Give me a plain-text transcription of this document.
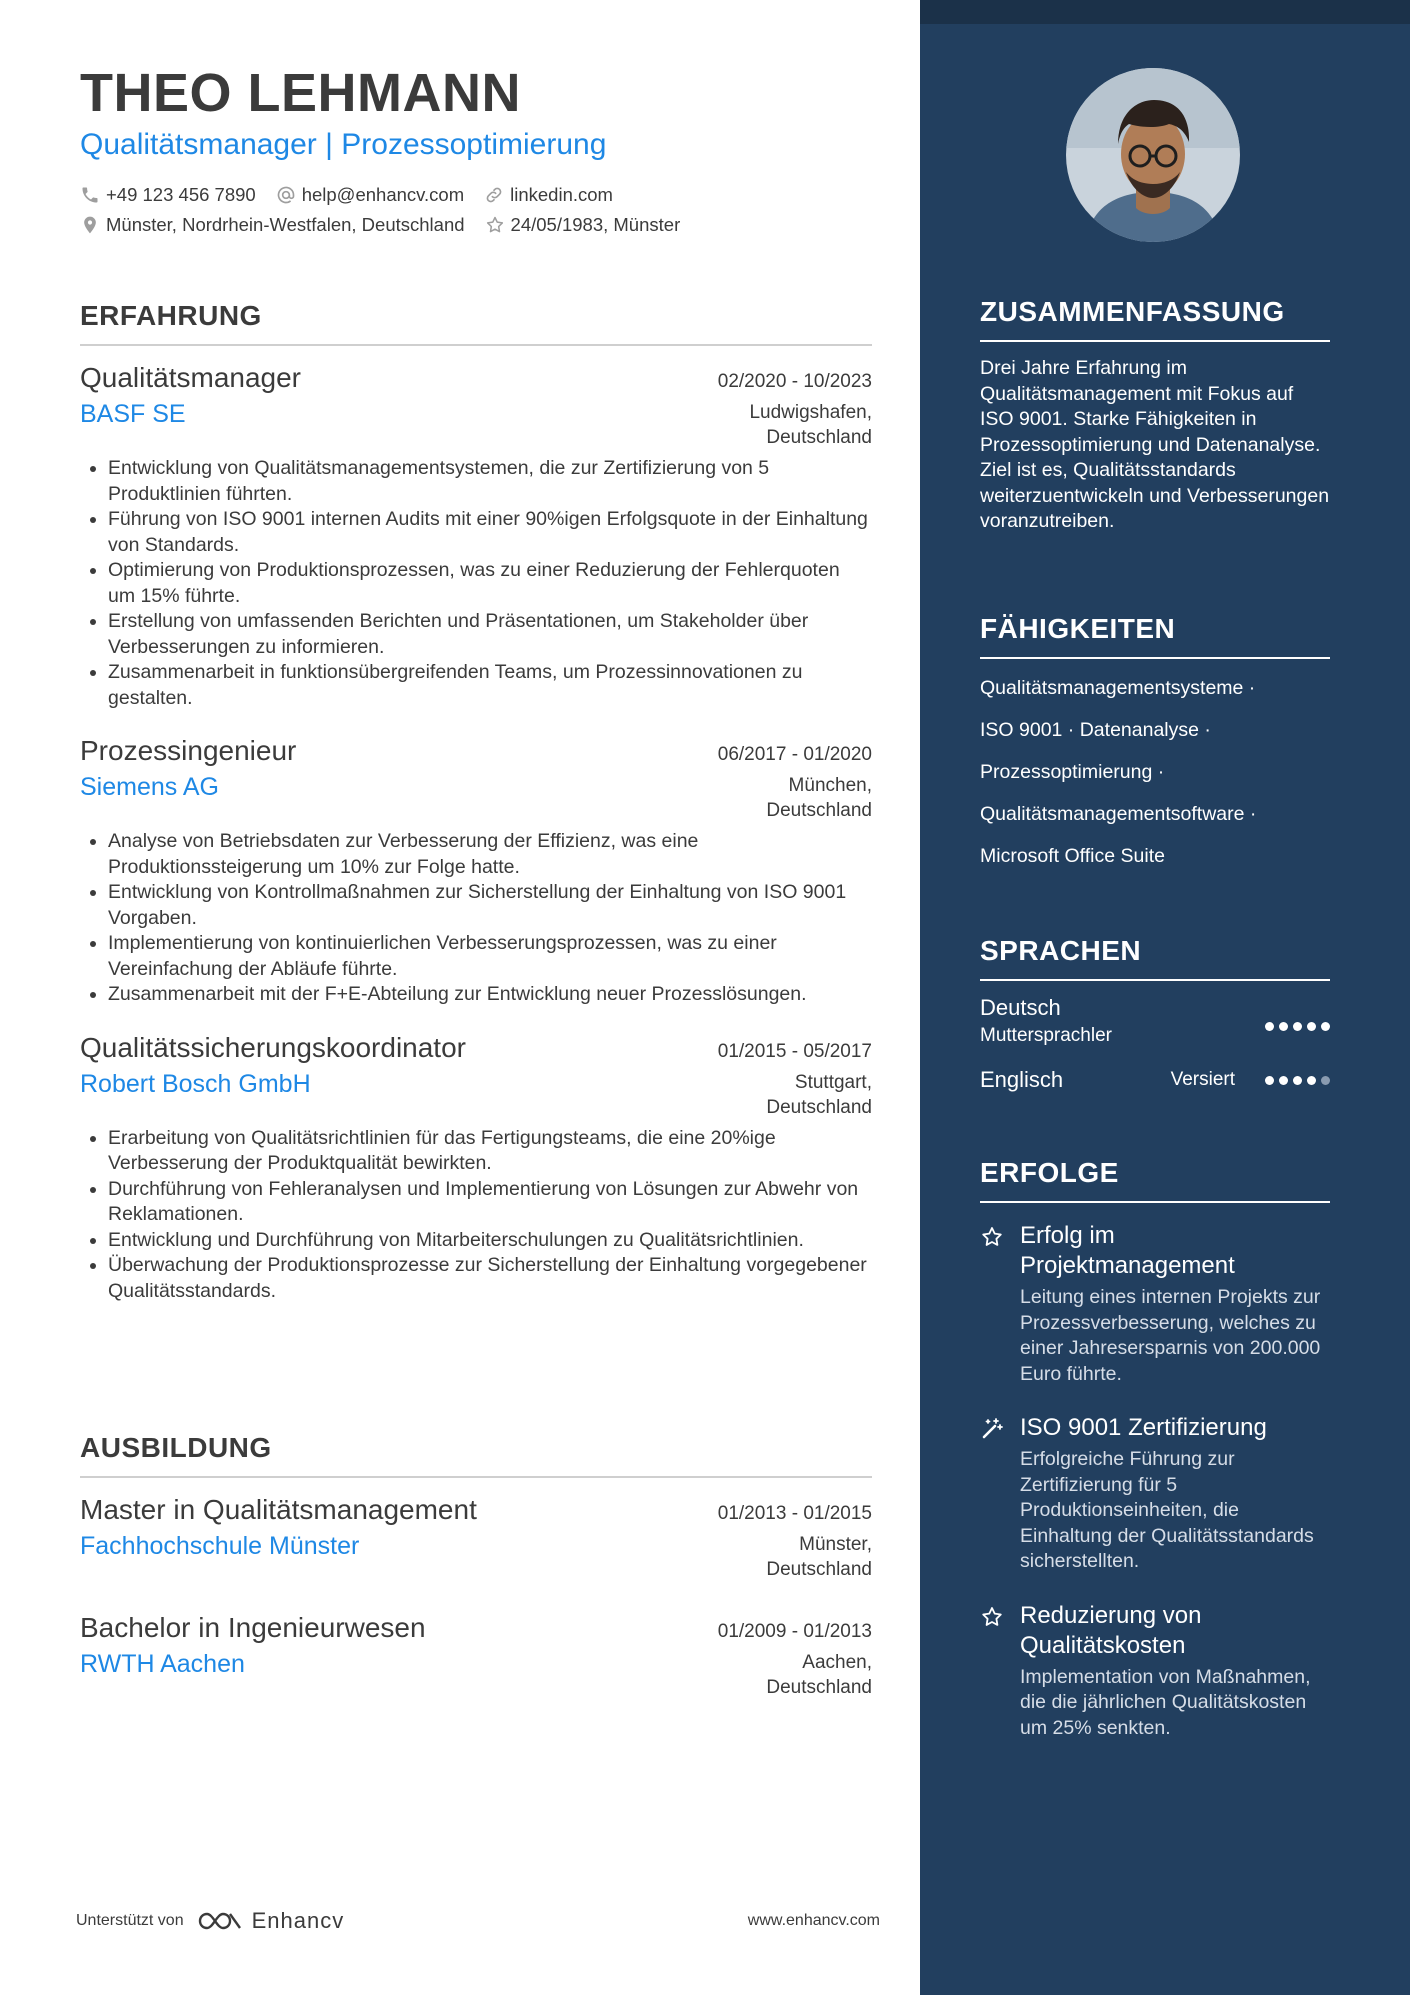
THEO LEHMANN
Qualitätsmanager | Prozessoptimierung
+49 123 456 7890 help@enhancv.com linkedin.com
Münster, Nordrhein-Westfalen, Deutschland 24/05/1983, Münster
ERFAHRUNG
Qualitätsmanager	02/2020 - 10/2023
BASF SE	Ludwigshafen, Deutschland
• Entwicklung von Qualitätsmanagementsystemen, die zur Zertifizierung von 5 Produktlinien führten.
• Führung von ISO 9001 internen Audits mit einer 90%igen Erfolgsquote in der Einhaltung von Standards.
• Optimierung von Produktionsprozessen, was zu einer Reduzierung der Fehlerquoten um 15% führte.
• Erstellung von umfassenden Berichten und Präsentationen, um Stakeholder über Verbesserungen zu informieren.
• Zusammenarbeit in funktionsübergreifenden Teams, um Prozessinnovationen zu gestalten.
Prozessingenieur	06/2017 - 01/2020
Siemens AG	München, Deutschland
• Analyse von Betriebsdaten zur Verbesserung der Effizienz, was eine Produktionssteigerung um 10% zur Folge hatte.
• Entwicklung von Kontrollmaßnahmen zur Sicherstellung der Einhaltung von ISO 9001 Vorgaben.
• Implementierung von kontinuierlichen Verbesserungsprozessen, was zu einer Vereinfachung der Abläufe führte.
• Zusammenarbeit mit der F+E-Abteilung zur Entwicklung neuer Prozesslösungen.
Qualitätssicherungskoordinator	01/2015 - 05/2017
Robert Bosch GmbH	Stuttgart, Deutschland
• Erarbeitung von Qualitätsrichtlinien für das Fertigungsteams, die eine 20%ige Verbesserung der Produktqualität bewirkten.
• Durchführung von Fehleranalysen und Implementierung von Lösungen zur Abwehr von Reklamationen.
• Entwicklung und Durchführung von Mitarbeiterschulungen zu Qualitätsrichtlinien.
• Überwachung der Produktionsprozesse zur Sicherstellung der Einhaltung vorgegebener Qualitätsstandards.
AUSBILDUNG
Master in Qualitätsmanagement	01/2013 - 01/2015
Fachhochschule Münster	Münster, Deutschland
Bachelor in Ingenieurwesen	01/2009 - 01/2013
RWTH Aachen	Aachen, Deutschland
Unterstützt von	Enhancv	www.enhancv.com
ZUSAMMENFASSUNG
Drei Jahre Erfahrung im Qualitätsmanagement mit Fokus auf ISO 9001. Starke Fähigkeiten in Prozessoptimierung und Datenanalyse. Ziel ist es, Qualitätsstandards weiterzuentwickeln und Verbesserungen voranzutreiben.
FÄHIGKEITEN
Qualitätsmanagementsysteme ·
ISO 9001 · Datenanalyse ·
Prozessoptimierung ·
Qualitätsmanagementsoftware ·
Microsoft Office Suite
SPRACHEN
Deutsch
Muttersprachler
Englisch	Versiert
ERFOLGE
Erfolg im Projektmanagement
Leitung eines internen Projekts zur Prozessverbesserung, welches zu einer Jahresersparnis von 200.000 Euro führte.
ISO 9001 Zertifizierung
Erfolgreiche Führung zur Zertifizierung für 5 Produktionseinheiten, die Einhaltung der Qualitätsstandards sicherstellten.
Reduzierung von Qualitätskosten
Implementation von Maßnahmen, die die jährlichen Qualitätskosten um 25% senkten.
